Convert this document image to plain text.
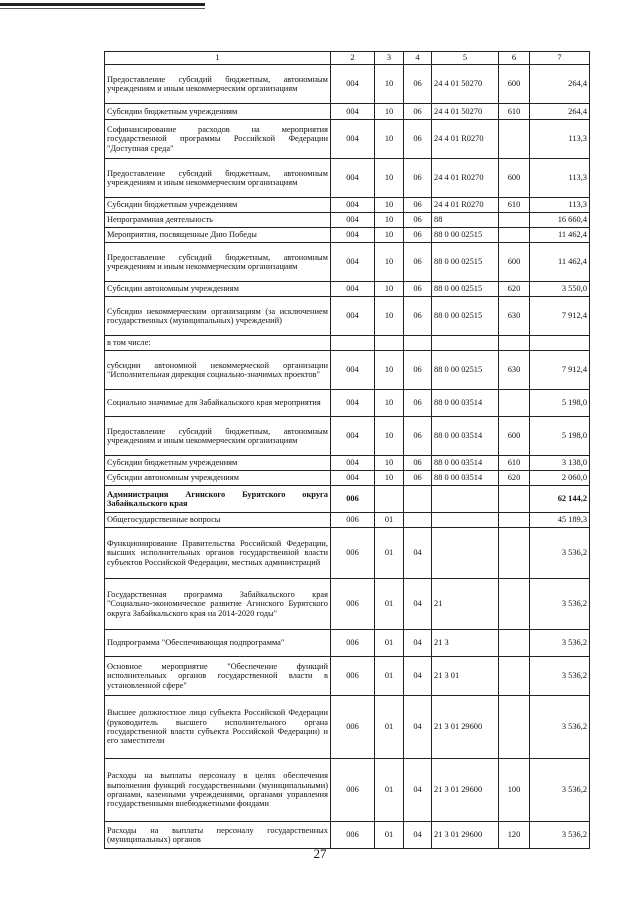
1	2	3	4	5	6	7
Предоставление субсидий бюджетным, автономным учреждениям и иным некоммерческим организациям	004	10	06	24 4 01 50270	600	264,4
Субсидии бюджетным учреждениям	004	10	06	24 4 01 50270	610	264,4
Софинансирование расходов на мероприятия государственной программы Российской Федерации "Доступная среда"	004	10	06	24 4 01 R0270		113,3
Предоставление субсидий бюджетным, автономным учреждениям и иным некоммерческим организациям	004	10	06	24 4 01 R0270	600	113,3
Субсидии бюджетным учреждениям	004	10	06	24 4 01 R0270	610	113,3
Непрограммная деятельность	004	10	06	88		16 660,4
Мероприятия, посвященные Дню Победы	004	10	06	88 0 00 02515		11 462,4
Предоставление субсидий бюджетным, автономным учреждениям и иным некоммерческим организациям	004	10	06	88 0 00 02515	600	11 462,4
Субсидии автономным учреждениям	004	10	06	88 0 00 02515	620	3 550,0
Субсидии некоммерческим организациям (за исключением государственных (муниципальных) учреждений)	004	10	06	88 0 00 02515	630	7 912,4
в том числе:						
субсидии автономной некоммерческой организации "Исполнительная дирекция социально-значимых проектов"	004	10	06	88 0 00 02515	630	7 912,4
Социально значимые для Забайкальского края мероприятия	004	10	06	88 0 00 03514		5 198,0
Предоставление субсидий бюджетным, автономным учреждениям и иным некоммерческим организациям	004	10	06	88 0 00 03514	600	5 198,0
Субсидии бюджетным учреждениям	004	10	06	88 0 00 03514	610	3 138,0
Субсидии автономным учреждениям	004	10	06	88 0 00 03514	620	2 060,0
Администрация Агинского Бурятского округа Забайкальского края	006					62 144,2
Общегосударственные вопросы	006	01				45 189,3
Функционирование Правительства Российской Федерации, высших исполнительных органов государственной власти субъектов Российской Федерации, местных администраций	006	01	04			3 536,2
Государственная программа Забайкальского края "Социально-экономическое развитие Агинского Бурятского округа Забайкальского края на 2014-2020 годы"	006	01	04	21		3 536,2
Подпрограмма "Обеспечивающая подпрограмма"	006	01	04	21 3		3 536,2
Основное мероприятие "Обеспечение функций исполнительных органов государственной власти в установленной сфере"	006	01	04	21 3 01		3 536,2
Высшее должностное лицо субъекта Российской Федерации (руководитель высшего исполнительного органа государственной власти субъекта Российской Федерации) и его заместители	006	01	04	21 3 01 29600		3 536,2
Расходы на выплаты персоналу в целях обеспечения выполнения функций государственными (муниципальными) органами, казенными учреждениями, органами управления государственными внебюджетными фондами	006	01	04	21 3 01 29600	100	3 536,2
Расходы на выплаты персоналу государственных (муниципальных) органов	006	01	04	21 3 01 29600	120	3 536,2
27
